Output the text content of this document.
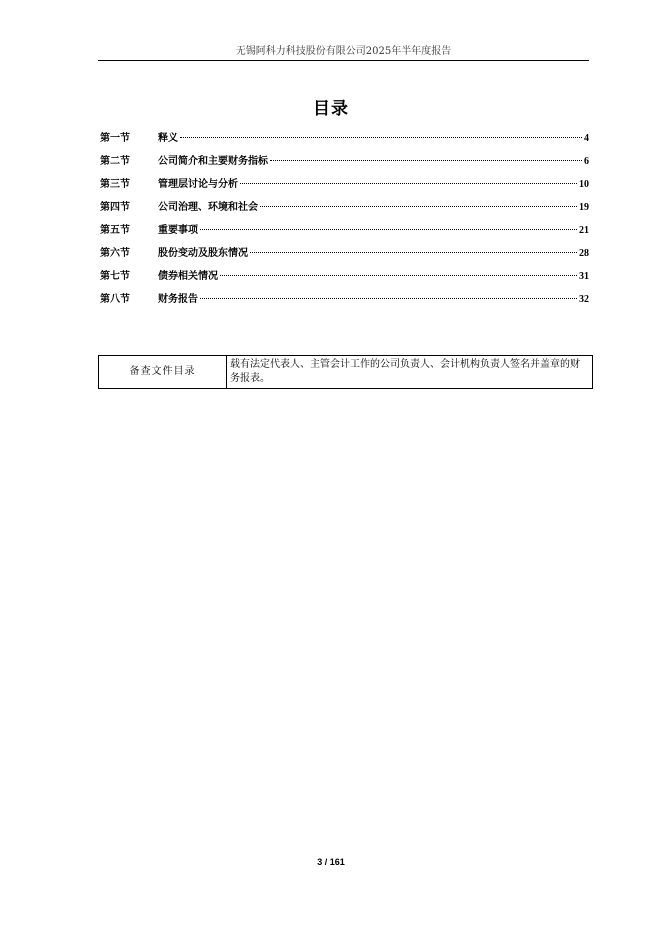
无锡阿科力科技股份有限公司2025年半年度报告
目录
第一节	释义	4
第二节	公司简介和主要财务指标	6
第三节	管理层讨论与分析	10
第四节	公司治理、环境和社会	19
第五节	重要事项	21
第六节	股份变动及股东情况	28
第七节	债券相关情况	31
第八节	财务报告	32
备查文件目录	载有法定代表人、主管会计工作的公司负责人、会计机构负责人签名并盖章的财务报表。
3 / 161
